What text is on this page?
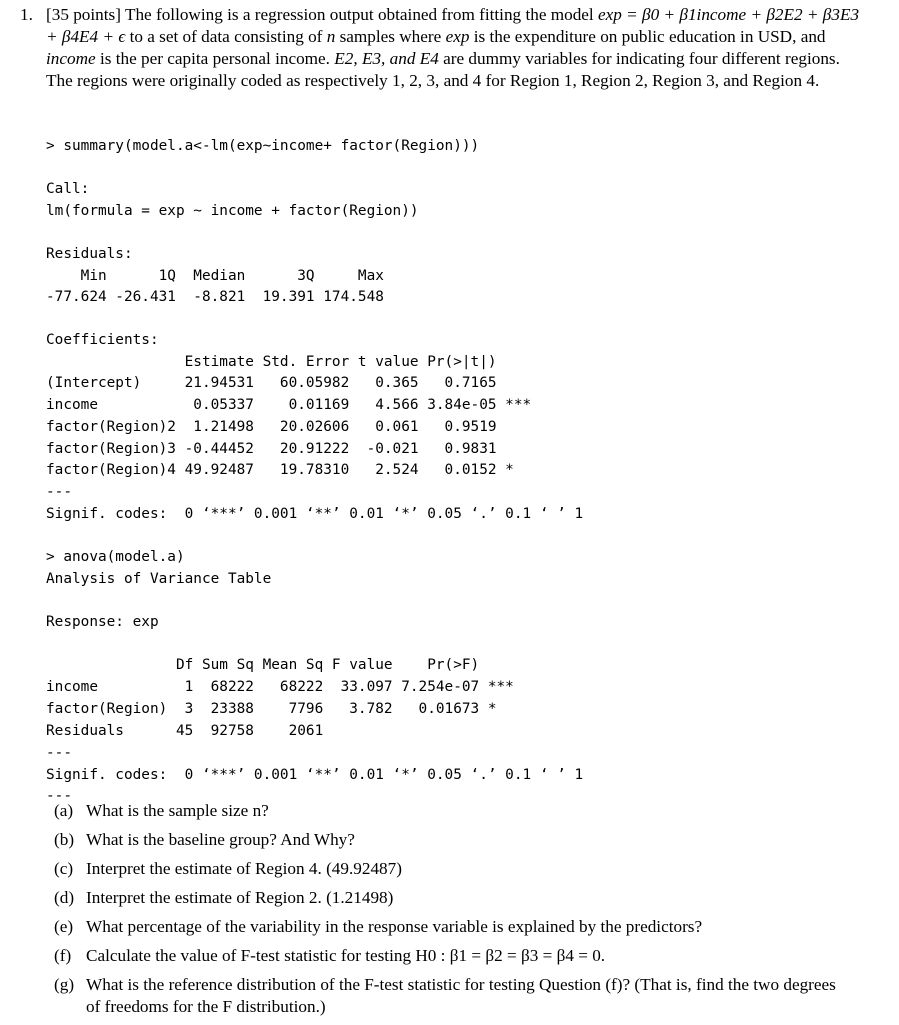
1. [35 points] The following is a regression output obtained from fitting the model exp = β0 + β1income + β2E2 + β3E3 + β4E4 + ϵ to a set of data consisting of n samples where exp is the expenditure on public education in USD, and income is the per capita personal income. E2, E3, and E4 are dummy variables for indicating four different regions. The regions were originally coded as respectively 1, 2, 3, and 4 for Region 1, Region 2, Region 3, and Region 4.
> summary(model.a<-lm(exp~income+ factor(Region)))
Call:
lm(formula = exp ~ income + factor(Region))
Residuals:
Min      1Q  Median      3Q     Max
-77.624 -26.431  -8.821  19.391 174.548
Coefficients:
Estimate Std. Error t value Pr(>|t|)
(Intercept)     21.94531   60.05982   0.365   0.7165
income           0.05337    0.01169   4.566 3.84e-05 ***
factor(Region)2  1.21498   20.02606   0.061   0.9519
factor(Region)3 -0.44452   20.91222  -0.021   0.9831
factor(Region)4 49.92487   19.78310   2.524   0.0152 *
---
Signif. codes:  0 ‘***’ 0.001 ‘**’ 0.01 ‘*’ 0.05 ‘.’ 0.1 ‘ ’ 1
> anova(model.a)
Analysis of Variance Table
Response: exp

Df Sum Sq Mean Sq F value    Pr(>F)
income          1  68222   68222  33.097 7.254e-07 ***
factor(Region)  3  23388    7796   3.782   0.01673 *
Residuals      45  92758    2061
---
Signif. codes:  0 ‘***’ 0.001 ‘**’ 0.01 ‘*’ 0.05 ‘.’ 0.1 ‘ ’ 1
---
(a) What is the sample size n?
(b) What is the baseline group? And Why?
(c) Interpret the estimate of Region 4. (49.92487)
(d) Interpret the estimate of Region 2. (1.21498)
(e) What percentage of the variability in the response variable is explained by the predictors?
(f) Calculate the value of F-test statistic for testing H0 : β1 = β2 = β3 = β4 = 0.
(g) What is the reference distribution of the F-test statistic for testing Question (f)? (That is, find the two degrees of freedoms for the F distribution.)
